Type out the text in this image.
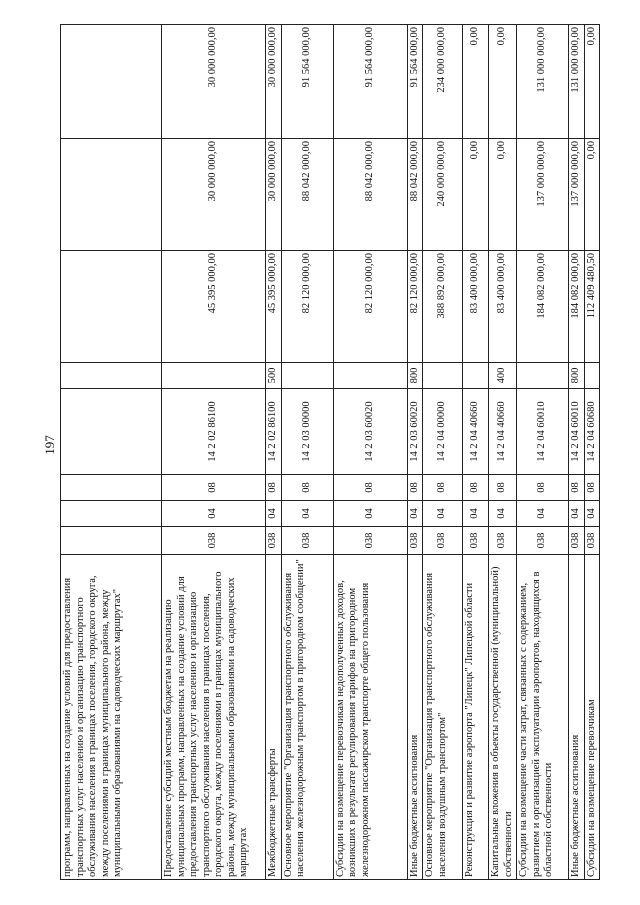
197
программ, направленных на создание условий для предоставления транспортных услуг населению и организацию транспортного обслуживания населения в границах поселения, городского округа, между поселениями в границах муниципального района, между муниципальными образованиями на садоводческих маршрутах"								
Предоставление субсидий местным бюджетам на реализацию муниципальных программ, направленных на создание условий для предоставления транспортных услуг населению и организацию транспортного обслуживания населения в границах поселения, городского округа, между поселениями в границах муниципального района, между муниципальными образованиями на садоводческих маршрутах	038	04	08	14 2 02 86100		45 395 000,00	30 000 000,00	30 000 000,00
Межбюджетные трансферты	038	04	08	14 2 02 86100	500	45 395 000,00	30 000 000,00	30 000 000,00
Основное мероприятие "Организация транспортного обслуживания населения железнодорожным транспортом в пригородном сообщении"	038	04	08	14 2 03 00000		82 120 000,00	88 042 000,00	91 564 000,00
Субсидии на возмещение перевозчикам недополученных доходов, возникших в результате регулирования тарифов на пригородном железнодорожном пассажирском транспорте общего пользования	038	04	08	14 2 03 60020		82 120 000,00	88 042 000,00	91 564 000,00
Иные бюджетные ассигнования	038	04	08	14 2 03 60020	800	82 120 000,00	88 042 000,00	91 564 000,00
Основное мероприятие "Организация транспортного обслуживания населения воздушным транспортом"	038	04	08	14 2 04 00000		388 892 000,00	240 000 000,00	234 000 000,00
Реконструкция и развитие аэропорта "Липецк" Липецкой области	038	04	08	14 2 04 40660		83 400 000,00	0,00	0,00
Капитальные вложения в объекты государственной (муниципальной) собственности	038	04	08	14 2 04 40660	400	83 400 000,00	0,00	0,00
Субсидии на возмещение части затрат, связанных с содержанием, развитием и организацией эксплуатации аэропортов, находящихся в областной собственности	038	04	08	14 2 04 60010		184 082 000,00	137 000 000,00	131 000 000,00
Иные бюджетные ассигнования	038	04	08	14 2 04 60010	800	184 082 000,00	137 000 000,00	131 000 000,00
Субсидии на возмещение перевозчикам	038	04	08	14 2 04 60680		112 409 480,50	0,00	0,00
